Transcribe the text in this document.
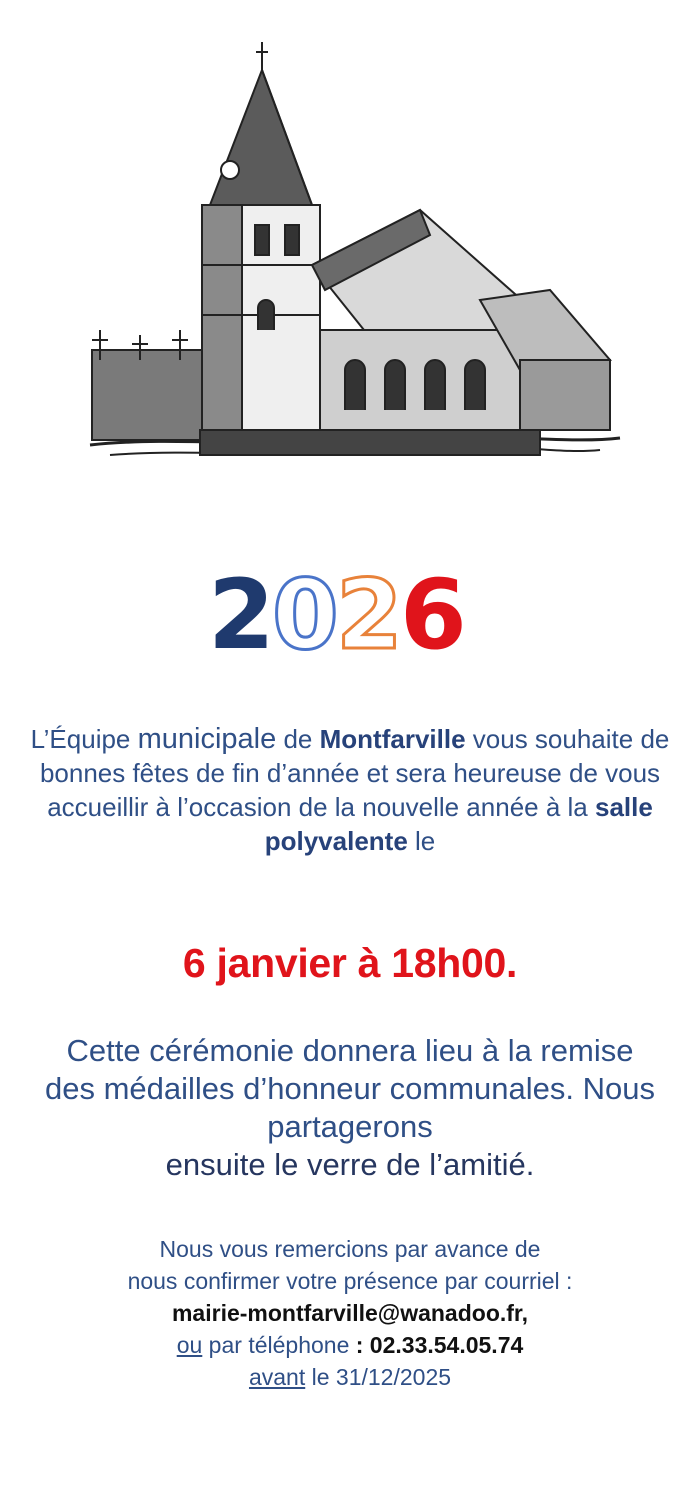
2
0
2
6
L’Équipe municipale de Montfarville vous souhaite de bonnes fêtes de fin d’année et sera heureuse de vous accueillir à l’occasion de la nouvelle année à la salle polyvalente le
6 janvier à 18h00.
Cette cérémonie donnera lieu à la remise des médailles d’honneur communales. Nous partagerons
ensuite le verre de l’amitié.
Nous vous remercions par avance de
nous confirmer votre présence par courriel :
mairie-montfarville@wanadoo.fr,
ou par téléphone : 02.33.54.05.74
avant le 31/12/2025
